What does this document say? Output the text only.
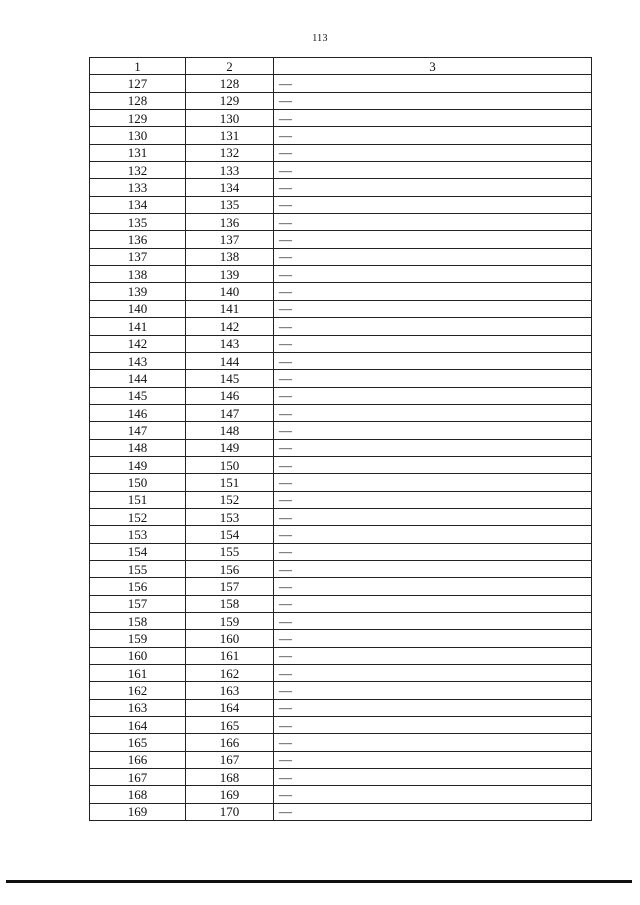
113
1	2	3
127	128	—
128	129	—
129	130	—
130	131	—
131	132	—
132	133	—
133	134	—
134	135	—
135	136	—
136	137	—
137	138	—
138	139	—
139	140	—
140	141	—
141	142	—
142	143	—
143	144	—
144	145	—
145	146	—
146	147	—
147	148	—
148	149	—
149	150	—
150	151	—
151	152	—
152	153	—
153	154	—
154	155	—
155	156	—
156	157	—
157	158	—
158	159	—
159	160	—
160	161	—
161	162	—
162	163	—
163	164	—
164	165	—
165	166	—
166	167	—
167	168	—
168	169	—
169	170	—
